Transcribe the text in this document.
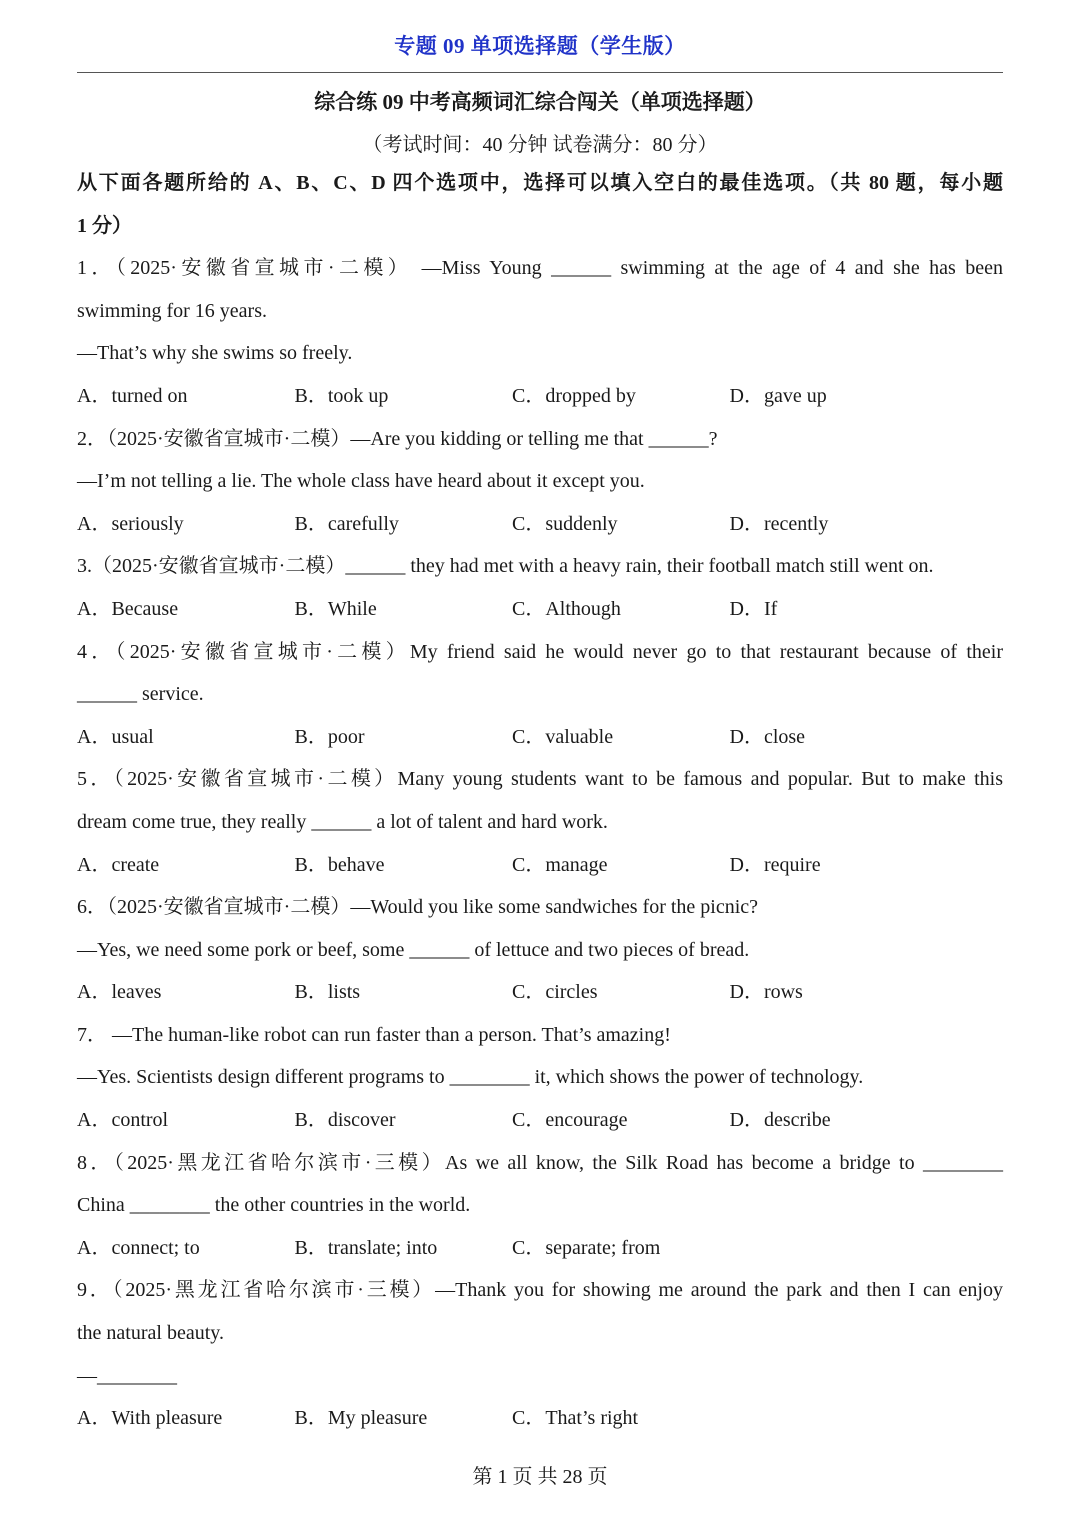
专题 09 单项选择题（学生版）
综合练 09 中考高频词汇综合闯关（单项选择题）
（考试时间：40 分钟 试卷满分：80 分）
从下面各题所给的 A、B、C、D 四个选项中，选择可以填入空白的最佳选项。（共 80 题，每小题
1 分）
1．（2025·安徽省宣城市·二模） —Miss Young ______ swimming at the age of 4 and she has been
swimming for 16 years.
—That’s why she swims so freely.
A．turned on	B．took up	C．dropped by	D．gave up
2．（2025·安徽省宣城市·二模）—Are you kidding or telling me that ______?
—I’m not telling a lie. The whole class have heard about it except you.
A．seriously	B．carefully	C．suddenly	D．recently
3.（2025·安徽省宣城市·二模）______ they had met with a heavy rain, their football match still went on.
A．Because	B．While	C．Although	D．If
4．（2025·安徽省宣城市·二模）My friend said he would never go to that restaurant because of their
______ service.
A．usual	B．poor	C．valuable	D．close
5．（2025·安徽省宣城市·二模）Many young students want to be famous and popular. But to make this
dream come true, they really ______ a lot of talent and hard work.
A．create	B．behave	C．manage	D．require
6．（2025·安徽省宣城市·二模）—Would you like some sandwiches for the picnic?
—Yes, we need some pork or beef, some ______ of lettuce and two pieces of bread.
A．leaves	B．lists	C．circles	D．rows
7． —The human-like robot can run faster than a person. That’s amazing!
—Yes. Scientists design different programs to ________ it, which shows the power of technology.
A．control	B．discover	C．encourage	D．describe
8．（2025·黑龙江省哈尔滨市·三模）As we all know, the Silk Road has become a bridge to ________
China ________ the other countries in the world.
A．connect; to	B．translate; into	C．separate; from
9．（2025·黑龙江省哈尔滨市·三模）—Thank you for showing me around the park and then I can enjoy
the natural beauty.
—________
A．With pleasure	B．My pleasure	C．That’s right
第 1 页 共 28 页
